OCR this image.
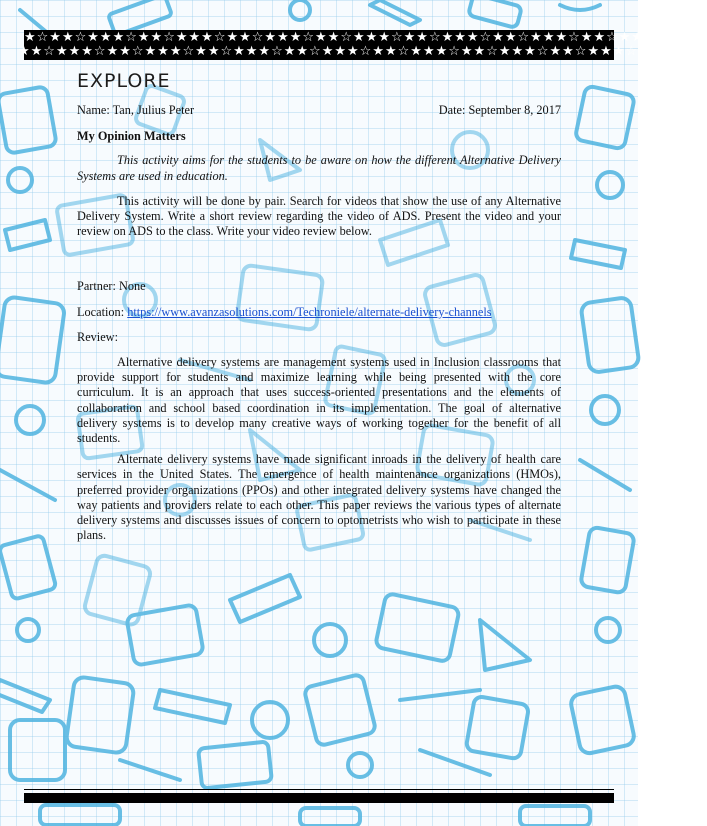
★☆★★☆★★★☆★★☆★★★☆★★☆★★★☆★★☆★★★☆★★☆★★★☆★★☆★★★☆★★☆★★★☆★★☆
★★☆★★★☆★★☆★★★☆★★☆★★★☆★★☆★★★☆★★☆★★★☆★★☆★★★☆★★☆★★★☆★★☆★★
EXPLORE
Name: Tan, Julius Peter	Date: September 8, 2017
My Opinion Matters

This activity aims for the students to be aware on how the different Alternative Delivery Systems are used in education.

This activity will be done by pair. Search for videos that show the use of any Alternative Delivery System. Write a short review regarding the video of ADS. Present the video and your review on ADS to the class. Write your video review below.

Partner: None
Location: https://www.avanzasolutions.com/Techroniele/alternate-delivery-channels
Review:

Alternative delivery systems are management systems used in Inclusion classrooms that provide support for students and maximize learning while being presented with the core curriculum. It is an approach that uses success-oriented presentations and the elements of collaboration and school based coordination in its implementation. The goal of alternative delivery systems is to develop many creative ways of working together for the benefit of all students.

Alternate delivery systems have made significant inroads in the delivery of health care services in the United States. The emergence of health maintenance organizations (HMOs), preferred provider organizations (PPOs) and other integrated delivery systems have changed the way patients and providers relate to each other. This paper reviews the various types of alternate delivery systems and discusses issues of concern to optometrists who wish to participate in these plans.
